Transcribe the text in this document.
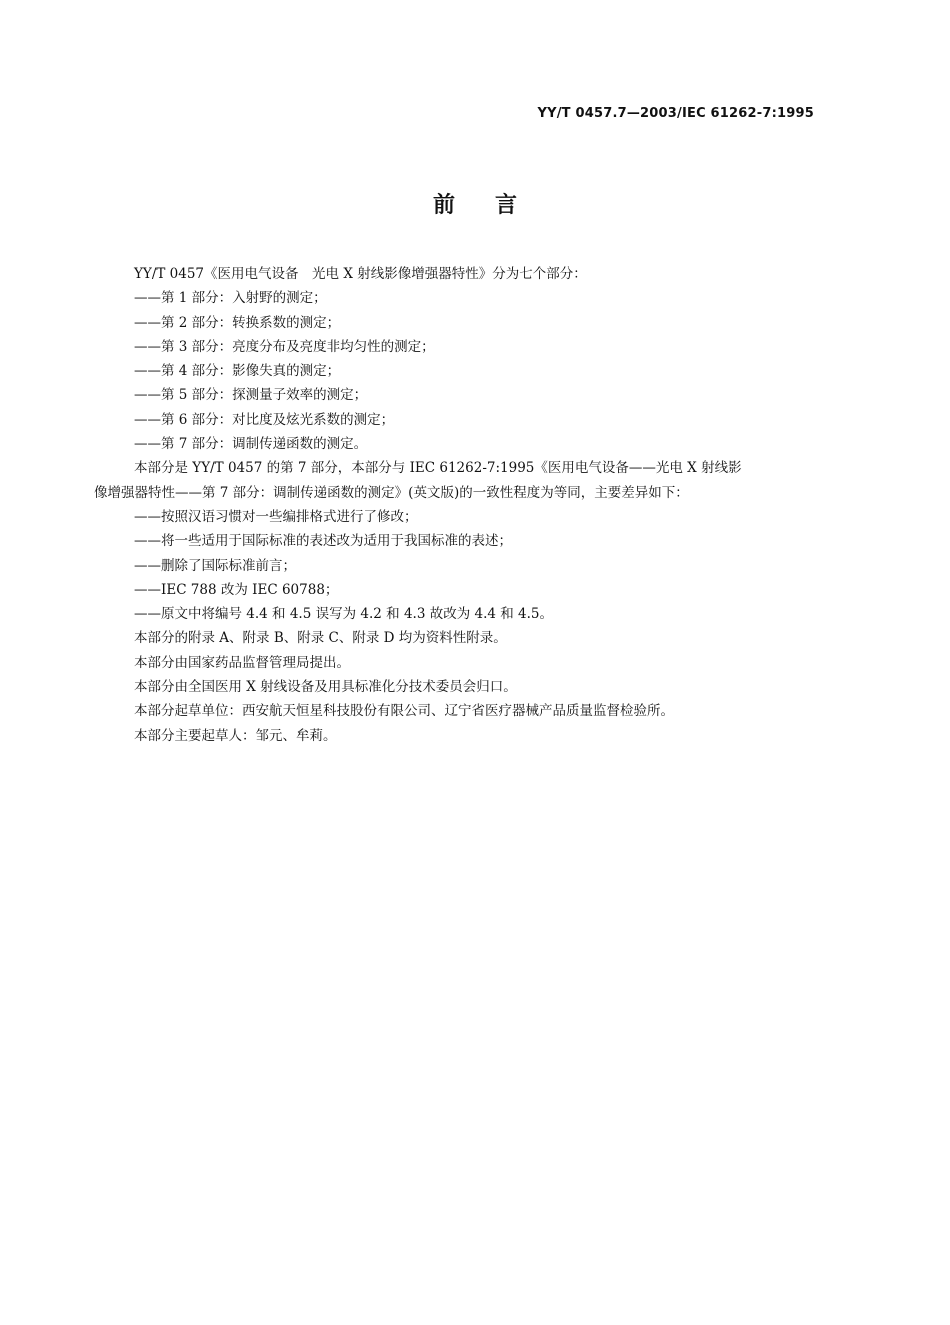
YY/T 0457.7—2003/IEC 61262-7:1995
前言

YY/T 0457《医用电气设备　光电 X 射线影像增强器特性》分为七个部分：

——第 1 部分：入射野的测定；

——第 2 部分：转换系数的测定；

——第 3 部分：亮度分布及亮度非均匀性的测定；

——第 4 部分：影像失真的测定；

——第 5 部分：探测量子效率的测定；

——第 6 部分：对比度及炫光系数的测定；

——第 7 部分：调制传递函数的测定。

本部分是 YY/T 0457 的第 7 部分，本部分与 IEC 61262-7:1995《医用电气设备——光电 X 射线影

像增强器特性——第 7 部分：调制传递函数的测定》(英文版)的一致性程度为等同，主要差异如下：

——按照汉语习惯对一些编排格式进行了修改；

——将一些适用于国际标准的表述改为适用于我国标准的表述；

——删除了国际标准前言；

——IEC 788 改为 IEC 60788；

——原文中将编号 4.4 和 4.5 误写为 4.2 和 4.3 故改为 4.4 和 4.5。

本部分的附录 A、附录 B、附录 C、附录 D 均为资料性附录。

本部分由国家药品监督管理局提出。

本部分由全国医用 X 射线设备及用具标准化分技术委员会归口。

本部分起草单位：西安航天恒星科技股份有限公司、辽宁省医疗器械产品质量监督检验所。

本部分主要起草人：邹元、牟莉。
